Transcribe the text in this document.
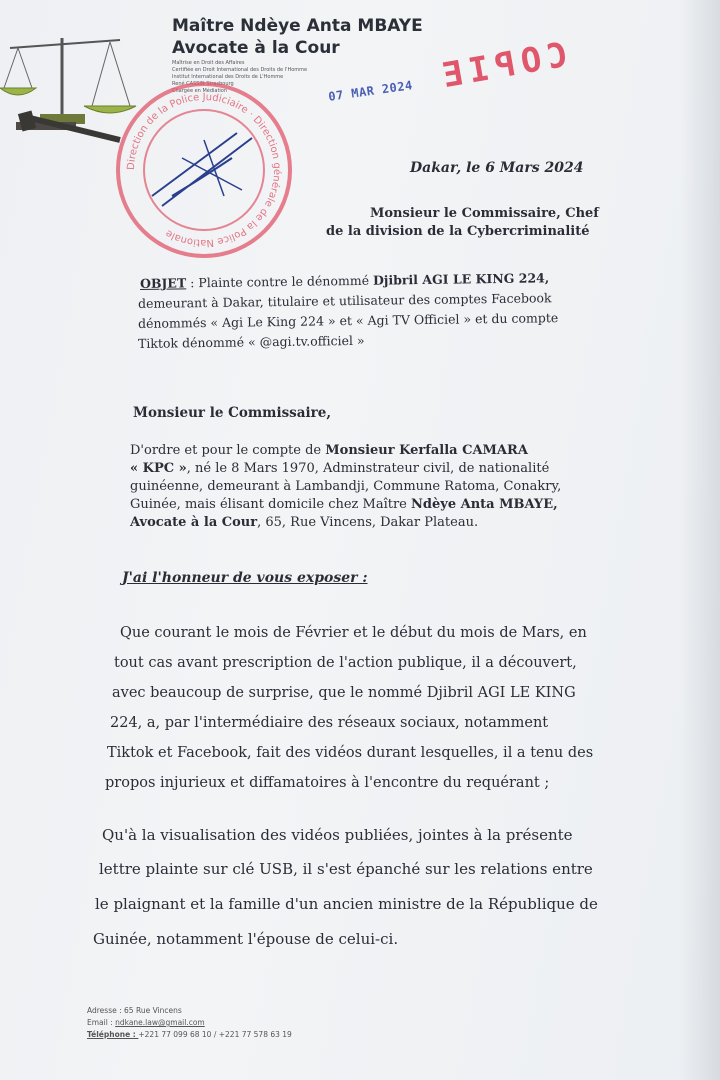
Maître Ndèye Anta MBAYE
Avocate à la Cour
Maîtrise en Droit des Affaires
Certifiée en Droit International des Droits de l'Homme
Institut International des Droits de L'Homme
René CASSIN Strasbourg
Chargée en Médiation
Direction de la Police Judiciaire · Direction générale de la Police Nationale
07 MAR 2024 COPIE
Dakar, le 6 Mars 2024
Monsieur le Commissaire, Chef
de la division de la Cybercriminalité
OBJET : Plainte contre le dénommé Djibril AGI LE KING 224,
demeurant à Dakar, titulaire et utilisateur des comptes Facebook
dénommés « Agi Le King 224 » et « Agi TV Officiel » et du compte
Tiktok dénommé « @agi.tv.officiel »
Monsieur le Commissaire,
D'ordre et pour le compte de Monsieur Kerfalla CAMARA
« KPC », né le 8 Mars 1970, Adminstrateur civil, de nationalité
guinéenne, demeurant à Lambandji, Commune Ratoma, Conakry,
Guinée, mais élisant domicile chez Maître Ndèye Anta MBAYE,
Avocate à la Cour, 65, Rue Vincens, Dakar Plateau.
J'ai l'honneur de vous exposer :
Que courant le mois de Février et le début du mois de Mars, en
tout cas avant prescription de l'action publique, il a découvert,
avec beaucoup de surprise, que le nommé Djibril AGI LE KING
224, a, par l'intermédiaire des réseaux sociaux, notamment
Tiktok et Facebook, fait des vidéos durant lesquelles, il a tenu des
propos injurieux et diffamatoires à l'encontre du requérant ;
Qu'à la visualisation des vidéos publiées, jointes à la présente
lettre plainte sur clé USB, il s'est épanché sur les relations entre
le plaignant et la famille d'un ancien ministre de la République de
Guinée, notamment l'épouse de celui-ci.
Adresse : 65 Rue Vincens
Email : ndkane.law@gmail.com
Téléphone : +221 77 099 68 10 / +221 77 578 63 19
